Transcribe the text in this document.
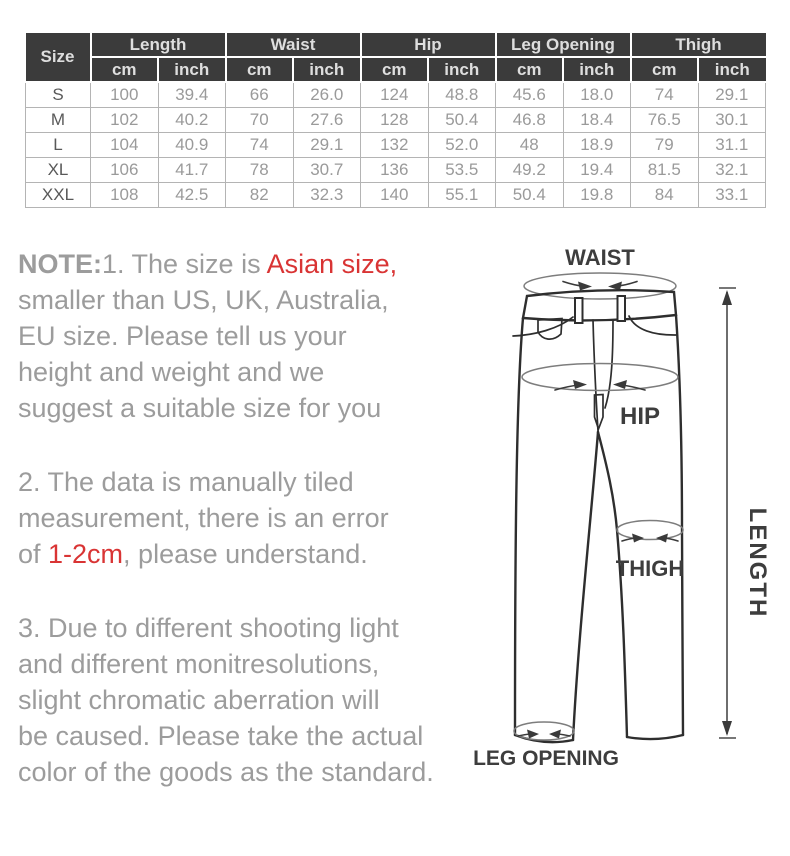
Size	Length		Waist		Hip		Leg Opening		Thigh	
	cm	inch	cm	inch	cm	inch	cm	inch	cm	inch
S	100	39.4	66	26.0	124	48.8	45.6	18.0	74	29.1
M	102	40.2	70	27.6	128	50.4	46.8	18.4	76.5	30.1
L	104	40.9	74	29.1	132	52.0	48	18.9	79	31.1
XL	106	41.7	78	30.7	136	53.5	49.2	19.4	81.5	32.1
XXL	108	42.5	82	32.3	140	55.1	50.4	19.8	84	33.1
NOTE:1. The size is Asian size,
smaller than US, UK, Australia,
EU size. Please tell us your
height and weight and we
suggest a suitable size for you
2. The data is manually tiled
measurement, there is an error
of 1-2cm, please understand.
3. Due to different shooting light
and different monitresolutions,
slight chromatic aberration will
be caused. Please take the actual
color of the goods as the standard.
WAIST
HIP
THIGH
LEG OPENING
LENGTH
